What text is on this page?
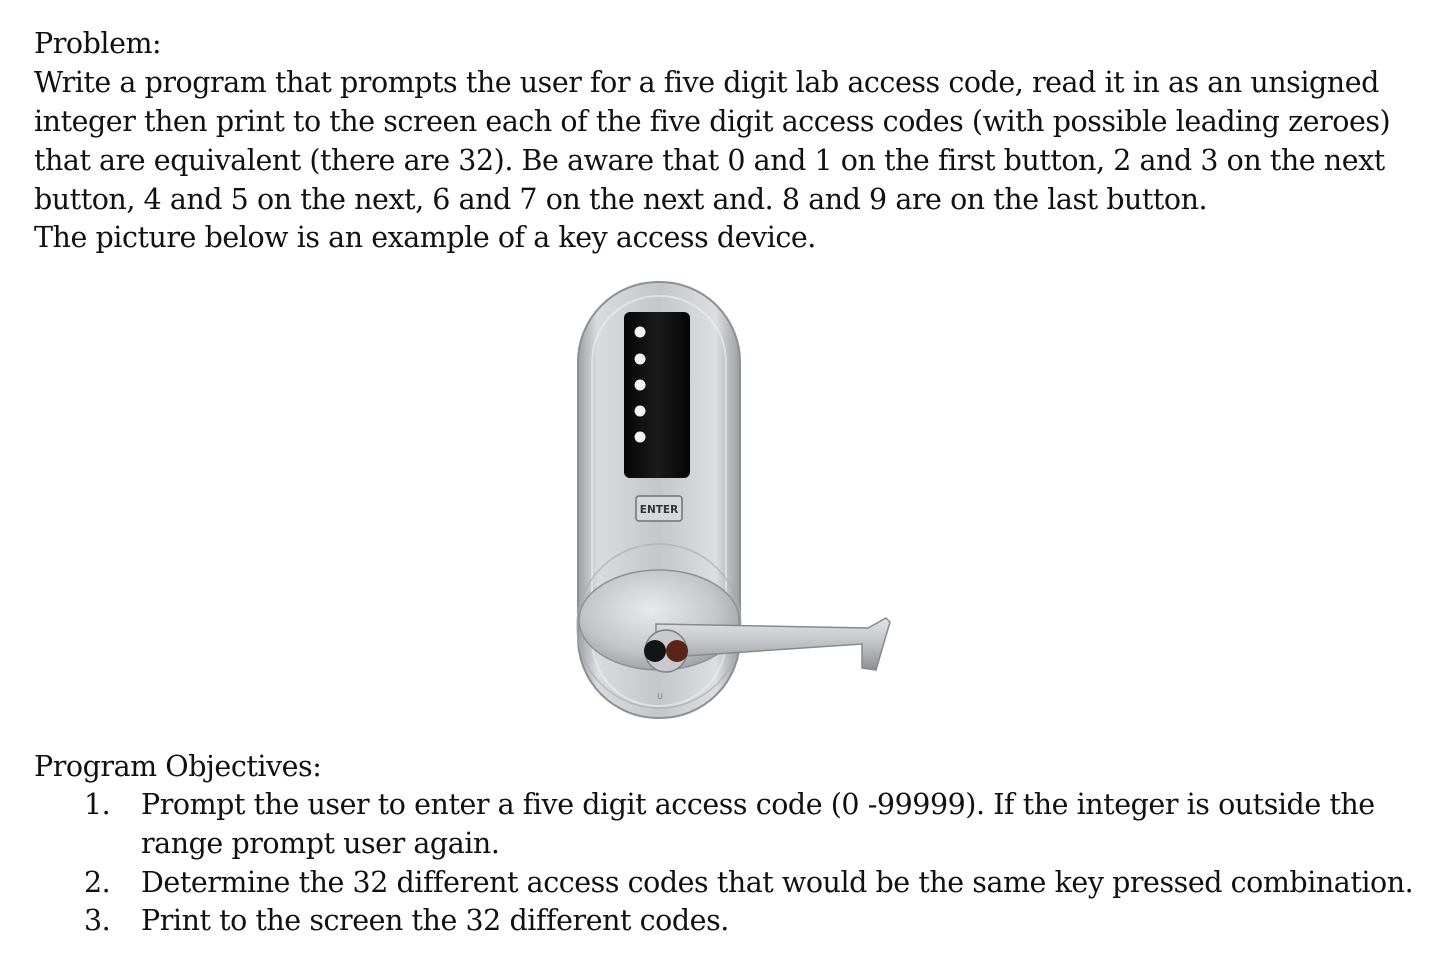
Problem:
Write a program that prompts the user for a five digit lab access code, read it in as an unsigned
integer then print to the screen each of the five digit access codes (with possible leading zeroes)
that are equivalent (there are 32). Be aware that 0 and 1 on the first button, 2 and 3 on the next
button, 4 and 5 on the next, 6 and 7 on the next and. 8 and 9 are on the last button.
The picture below is an example of a key access device.
Program Objectives:
1.	Prompt the user to enter a five digit access code (0 -99999). If the integer is outside the
range prompt user again.
2.	Determine the 32 different access codes that would be the same key pressed combination.
3.	Print to the screen the 32 different codes.
ENTER
U
